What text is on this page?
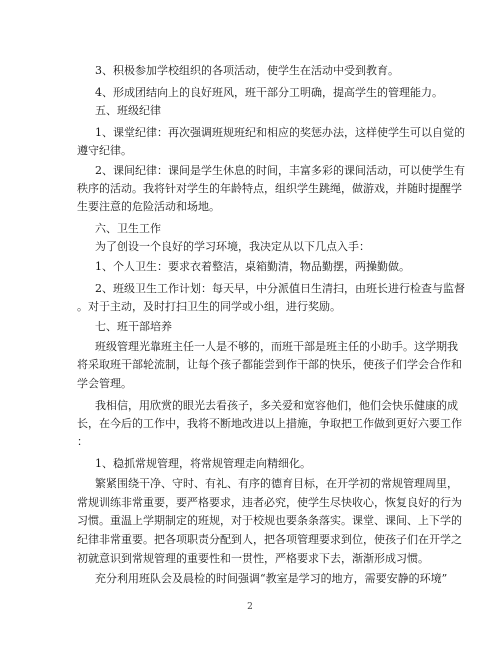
3、积极参加学校组织的各项活动，使学生在活动中受到教育。
4、形成团结向上的良好班风，班干部分工明确，提高学生的管理能力。
五、班级纪律
1、课堂纪律：再次强调班规班纪和相应的奖惩办法，这样使学生可以自觉的
遵守纪律。
2、课间纪律：课间是学生休息的时间，丰富多彩的课间活动，可以使学生有
秩序的活动。我将针对学生的年龄特点，组织学生跳绳，做游戏，并随时提醒学
生要注意的危险活动和场地。
六、卫生工作
为了创设一个良好的学习环境，我决定从以下几点入手：
1、个人卫生：要求衣着整洁，桌箱勤清，物品勤摆，两操勤做。
2、班级卫生工作计划：每天早，中分派值日生清扫，由班长进行检查与监督
。对于主动，及时打扫卫生的同学或小组，进行奖励。
七、班干部培养
班级管理光靠班主任一人是不够的，而班干部是班主任的小助手。这学期我
将采取班干部轮流制，让每个孩子都能尝到作干部的快乐，使孩子们学会合作和
学会管理。
我相信，用欣赏的眼光去看孩子，多关爱和宽容他们，他们会快乐健康的成
长，在今后的工作中，我将不断地改进以上措施，争取把工作做到更好六要工作
：
1、稳抓常规管理，将常规管理走向精细化。
繁紧围绕干净、守时、有礼、有序的德育目标，在开学初的常规管理周里，
常规训练非常重要，要严格要求，违者必究，使学生尽快收心，恢复良好的行为
习惯。重温上学期制定的班规，对于校规也要条条落实。课堂、课间、上下学的
纪律非常重要。把各项职责分配到人，把各项管理要求到位，使孩子们在开学之
初就意识到常规管理的重要性和一贯性，严格要求下去，渐渐形成习惯。
充分利用班队会及晨检的时间强调“教室是学习的地方，需要安静的环境”
2
